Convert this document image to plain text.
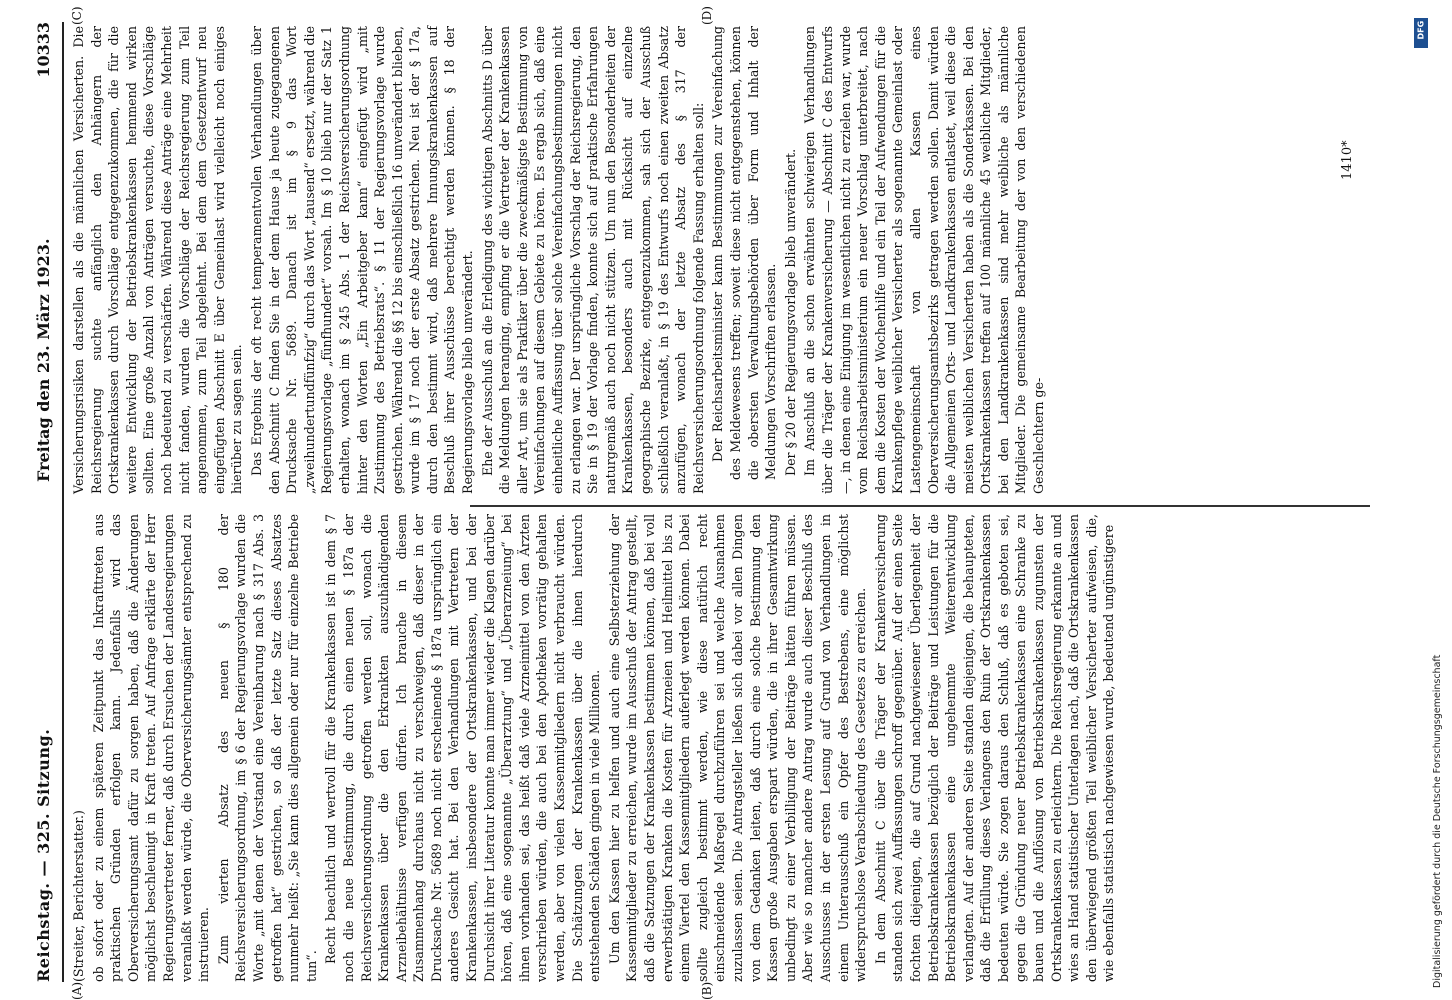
Reichstag. — 325. Sitzung.
10333
Freitag den 23. März 1923.
(A)	(B)
(C)	(D)

(Streiter, Berichterstatter.) ob sofort oder zu einem späteren Zeitpunkt das Inkrafttreten aus praktischen Gründen erfolgen kann. Jedenfalls wird das Oberversicherungsamt dafür zu sorgen haben, daß die Änderungen möglichst beschleunigt in Kraft treten. Auf Anfrage erklärte der Herr Regierungsvertreter ferner, daß durch Ersuchen der Landesregierungen veranlaßt werden würde, die Oberversicherungsämter entsprechend zu instruieren. Zum vierten Absatz des neuen § 180 der Reichsversicherungsordnung, im § 6 der Regierungsvorlage wurden die Worte „mit denen der Vorstand eine Vereinbarung nach § 317 Abs. 3 getroffen hat“ gestrichen, so daß der letzte Satz dieses Absatzes nunmehr heißt: „Sie kann dies allgemein oder nur für einzelne Betriebe tun“.

Recht beachtlich und wertvoll für die Krankenkassen ist in dem § 7 noch die neue Bestimmung, die durch einen neuen § 187a der Reichsversicherungsordnung getroffen werden soll, wonach die Krankenkassen über die den Erkrankten auszuhändigenden Arzneibehältnisse verfügen dürfen. Ich brauche in diesem Zusammenhang durchaus nicht zu verschweigen, daß dieser in der Drucksache Nr. 5689 noch nicht erscheinende § 187a ursprünglich ein anderes Gesicht hat. Bei den Verhandlungen mit Vertretern der Krankenkassen, insbesondere der Ortskrankenkassen, und bei der Durchsicht ihrer Literatur konnte man immer wieder die Klagen darüber hören, daß eine sogenannte „Überarztung“ und „Überarzneiung“ bei ihnen vorhanden sei, das heißt daß viele Arzneimittel von den Ärzten verschrieben würden, die auch bei den Apotheken vorrätig gehalten werden, aber von vielen Kassenmitgliedern nicht verbraucht würden. Die Schätzungen der Krankenkassen über die ihnen hierdurch entstehenden Schäden gingen in viele Millionen. Um den Kassen hier zu helfen und auch eine Selbsterziehung der Kassenmitglieder zu erreichen, wurde im Ausschuß der Antrag gestellt, daß die Satzungen der Krankenkassen bestimmen können, daß bei voll erwerbstätigen Kranken die Kosten für Arzneien und Heilmittel bis zu einem Viertel den Kassenmitgliedern auferlegt werden können. Dabei sollte zugleich bestimmt werden, wie diese natürlich recht einschneidende Maßregel durchzuführen sei und welche Ausnahmen zuzulassen seien. Die Antragsteller ließen sich dabei vor allen Dingen von dem Gedanken leiten, daß durch eine solche Bestimmung den Kassen große Ausgaben erspart würden, die in ihrer Gesamtwirkung unbedingt zu einer Verbilligung der Beiträge hätten führen müssen. Aber wie so mancher andere Antrag wurde auch dieser Beschluß des Ausschusses in der ersten Lesung auf Grund von Verhandlungen in einem Unterausschuß ein Opfer des Bestrebens, eine möglichst widerspruchslose Verabschiedung des Gesetzes zu erreichen. In dem Abschnitt C über die Träger der Krankenversicherung standen sich zwei Auffassungen schroff gegenüber. Auf der einen Seite fochten diejenigen, die auf Grund nachgewiesener Überlegenheit der Betriebskrankenkassen bezüglich der Beiträge und Leistungen für die Betriebskrankenkassen eine ungehemmte Weiterentwicklung verlangten. Auf der anderen Seite standen diejenigen, die behaupteten, daß die Erfüllung dieses Verlangens den Ruin der Ortskrankenkassen bedeuten würde. Sie zogen daraus den Schluß, daß es geboten sei, gegen die Gründung neuer Betriebskrankenkassen eine Schranke zu bauen und die Auflösung von Betriebskrankenkassen zugunsten der Ortskrankenkassen zu erleichtern. Die Reichsregierung erkannte an und wies an Hand statistischer Unterlagen nach, daß die Ortskrankenkassen den überwiegend größten Teil weiblicher Versicherter aufweisen, die, wie ebenfalls statistisch nachgewiesen wurde, bedeutend ungünstigere

Versicherungsrisiken darstellen als die männlichen Versicherten. Die Reichsregierung suchte anfänglich den Anhängern der Ortskrankenkassen durch Vorschläge entgegenzukommen, die für die weitere Entwicklung der Betriebskrankenkassen hemmend wirken sollten. Eine große Anzahl von Anträgen versuchte, diese Vorschläge noch bedeutend zu verschärfen. Während diese Anträge eine Mehrheit nicht fanden, wurden die Vorschläge der Reichsregierung zum Teil angenommen, zum Teil abgelehnt. Bei dem dem Gesetzentwurf neu eingefügten Abschnitt E über Gemeinlast wird vielleicht noch einiges hierüber zu sagen sein. Das Ergebnis der oft recht temperamentvollen Verhandlungen über den Abschnitt C finden Sie in der dem Hause ja heute zugegangenen Drucksache Nr. 5689. Danach ist im § 9 das Wort „zweihundertundfünfzig“ durch das Wort „tausend“ ersetzt, während die Regierungsvorlage „fünfhundert“ vorsah. Im § 10 blieb nur der Satz 1 erhalten, wonach im § 245 Abs. 1 der Reichsversicherungsordnung hinter den Worten „Ein Arbeitgeber kann“ eingefügt wird „mit Zustimmung des Betriebsrats“. § 11 der Regierungsvorlage wurde gestrichen. Während die §§ 12 bis einschließlich 16 unverändert blieben, wurde im § 17 noch der erste Absatz gestrichen. Neu ist der § 17a, durch den bestimmt wird, daß mehrere Innungskrankenkassen auf Beschluß ihrer Ausschüsse berechtigt werden können. § 18 der Regierungsvorlage blieb unverändert. Ehe der Ausschuß an die Erledigung des wichtigen Abschnitts D über die Meldungen heranging, empfing er die Vertreter der Krankenkassen aller Art, um sie als Praktiker über die zweckmäßigste Bestimmung von Vereinfachungen auf diesem Gebiete zu hören. Es ergab sich, daß eine einheitliche Auffassung über solche Vereinfachungsbestimmungen nicht zu erlangen war. Der ursprüngliche Vorschlag der Reichsregierung, den Sie in § 19 der Vorlage finden, konnte sich auf praktische Erfahrungen naturgemäß auch noch nicht stützen. Um nun den Besonderheiten der Krankenkassen, besonders auch mit Rücksicht auf einzelne geographische Bezirke, entgegenzukommen, sah sich der Ausschuß schließlich veranlaßt, in § 19 des Entwurfs noch einen zweiten Absatz anzufügen, wonach der letzte Absatz des § 317 der Reichsversicherungsordnung folgende Fassung erhalten soll: Der Reichsarbeitsminister kann Bestimmungen zur Vereinfachung des Meldewesens treffen; soweit diese nicht entgegenstehen, können die obersten Verwaltungsbehörden über Form und Inhalt der Meldungen Vorschriften erlassen. Der § 20 der Regierungsvorlage blieb unverändert. Im Anschluß an die schon erwähnten schwierigen Verhandlungen über die Träger der Krankenversicherung — Abschnitt C des Entwurfs —, in denen eine Einigung im wesentlichen nicht zu erzielen war, wurde vom Reichsarbeitsministerium ein neuer Vorschlag unterbreitet, nach dem die Kosten der Wochenhilfe und ein Teil der Aufwendungen für die Krankenpflege weiblicher Versicherter als sogenannte Gemeinlast oder Lastengemeinschaft von allen Kassen eines Oberversicherungsamtsbezirks getragen werden sollen. Damit würden die Allgemeinen Orts- und Landkrankenkassen entlastet, weil diese die meisten weiblichen Versicherten haben als die Sonderkassen. Bei den Ortskrankenkassen treffen auf 100 männliche 45 weibliche Mitglieder, bei den Landkrankenkassen sind mehr weibliche als männliche Mitglieder. Die gemeinsame Bearbeitung der von den verschiedenen Geschlechtern ge-

1410*
DFG
Digitalisierung gefördert durch die Deutsche Forschungsgemeinschaft
